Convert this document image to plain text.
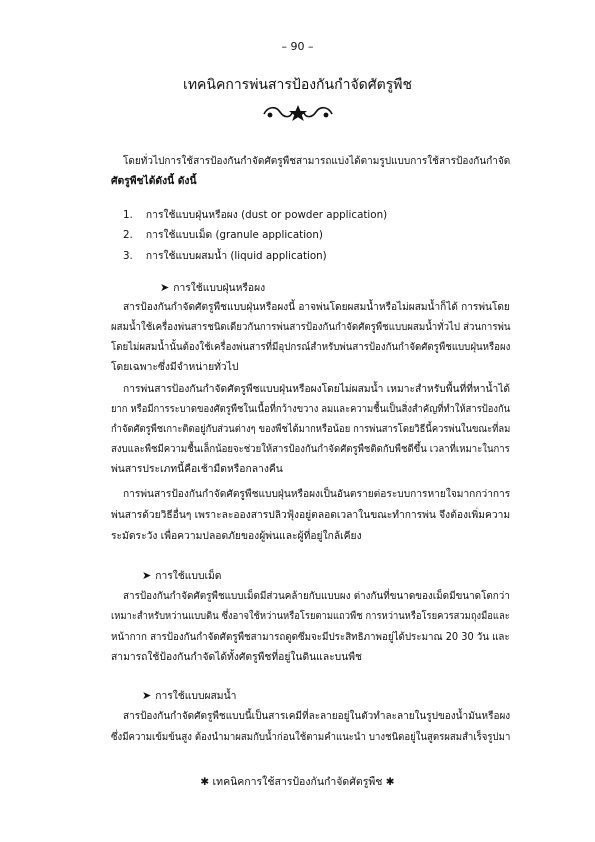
– 90 –
เทคนิคการพ่นสารป้องกันกำจัดศัตรูพืช
โดยทั่วไปการใช้สารป้องกันกำจัดศัตรูพืชสามารถแบ่งได้ตามรูปแบบการใช้สารป้องกันกำจัด
ศัตรูพืชได้ดังนี้ ดังนี้
1. การใช้แบบฝุ่นหรือผง (dust or powder application)
2. การใช้แบบเม็ด (granule application)
3. การใช้แบบผสมน้ำ (liquid application)
➤ การใช้แบบฝุ่นหรือผง
สารป้องกันกำจัดศัตรูพืชแบบฝุ่นหรือผงนี้ อาจพ่นโดยผสมน้ำหรือไม่ผสมน้ำก็ได้ การพ่นโดย
ผสมน้ำใช้เครื่องพ่นสารชนิดเดียวกันการพ่นสารป้องกันกำจัดศัตรูพืชแบบผสมน้ำทั่วไป ส่วนการพ่น
โดยไม่ผสมน้ำนั้นต้องใช้เครื่องพ่นสารที่มีอุปกรณ์สำหรับพ่นสารป้องกันกำจัดศัตรูพืชแบบฝุ่นหรือผง
โดยเฉพาะซึ่งมีจำหน่ายทั่วไป
การพ่นสารป้องกันกำจัดศัตรูพืชแบบฝุ่นหรือผงโดยไม่ผสมน้ำ เหมาะสำหรับพื้นที่ที่หาน้ำได้
ยาก หรือมีการระบาดของศัตรูพืชในเนื้อที่กว้างขวาง ลมและความชื้นเป็นสิ่งสำคัญที่ทำให้สารป้องกัน
กำจัดศัตรูพืชเกาะติดอยู่กับส่วนต่างๆ ของพืชได้มากหรือน้อย การพ่นสารโดยวิธีนี้ควรพ่นในขณะที่ลม
สงบและพืชมีความชื้นเล็กน้อยจะช่วยให้สารป้องกันกำจัดศัตรูพืชติดกับพืชดีขึ้น เวลาที่เหมาะในการ
พ่นสารประเภทนี้คือเช้ามืดหรือกลางคืน
การพ่นสารป้องกันกำจัดศัตรูพืชแบบฝุ่นหรือผงเป็นอันตรายต่อระบบการหายใจมากกว่าการ
พ่นสารด้วยวิธีอื่นๆ เพราะละอองสารปลิวฟุ้งอยู่ตลอดเวลาในขณะทำการพ่น จึงต้องเพิ่มความ
ระมัดระวัง เพื่อความปลอดภัยของผู้พ่นและผู้ที่อยู่ใกล้เคียง
➤ การใช้แบบเม็ด
สารป้องกันกำจัดศัตรูพืชแบบเม็ดมีส่วนคล้ายกับแบบผง ต่างกันที่ขนาดของเม็ดมีขนาดโตกว่า
เหมาะสำหรับหว่านแบบดิน ซึ่งอาจใช้หว่านหรือโรยตามแถวพืช การหว่านหรือโรยควรสวมถุงมือและ
หน้ากาก สารป้องกันกำจัดศัตรูพืชสามารถดูดซึมจะมีประสิทธิภาพอยู่ได้ประมาณ 20 30 วัน และ
สามารถใช้ป้องกันกำจัดได้ทั้งศัตรูพืชที่อยู่ในดินและบนพืช
➤ การใช้แบบผสมน้ำ
สารป้องกันกำจัดศัตรูพืชแบบนี้เป็นสารเคมีที่ละลายอยู่ในตัวทำละลายในรูปของน้ำมันหรือผง
ซึ่งมีความเข้มข้นสูง ต้องนำมาผสมกับน้ำก่อนใช้ตามคำแนะนำ บางชนิดอยู่ในสูตรผสมสำเร็จรูปมา
✱ เทคนิคการใช้สารป้องกันกำจัดศัตรูพืช ✱
